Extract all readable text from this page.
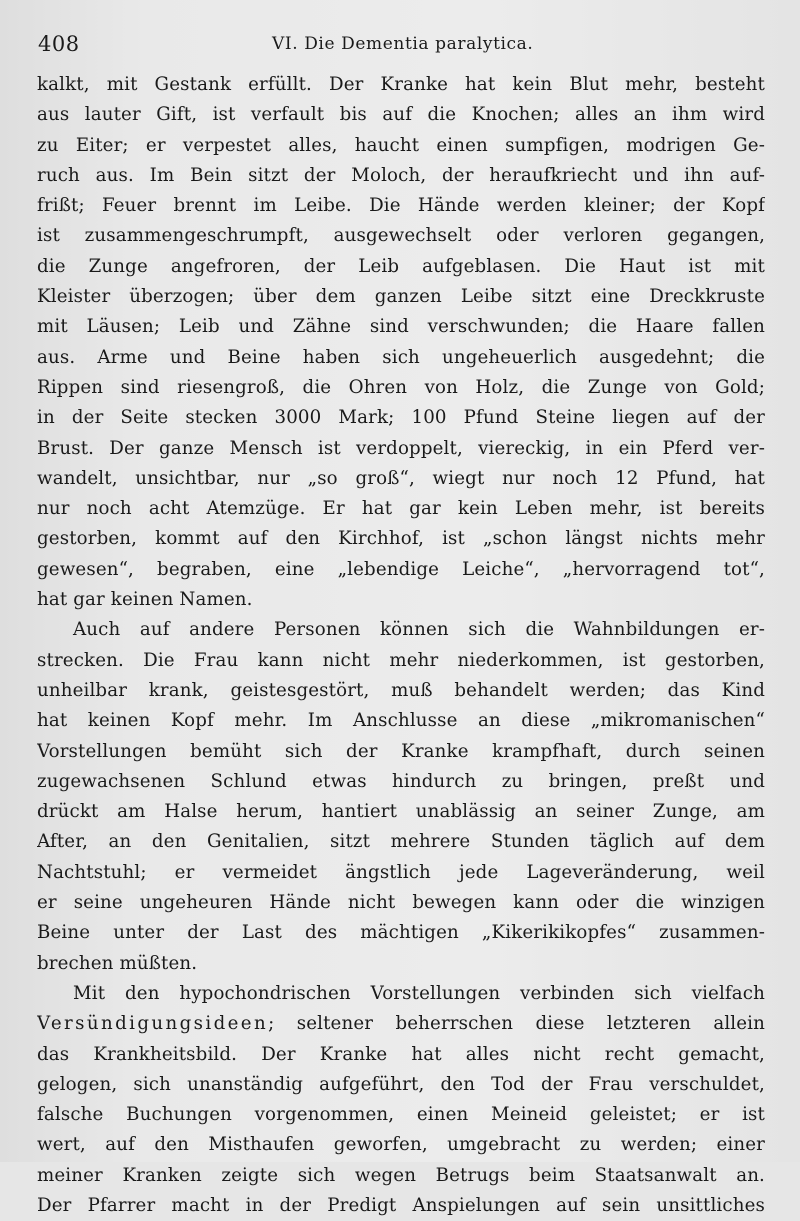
408	VI. Die Dementia paralytica.
kalkt, mit Gestank erfüllt. Der Kranke hat kein Blut mehr, besteht
aus lauter Gift, ist verfault bis auf die Knochen; alles an ihm wird
zu Eiter; er verpestet alles, haucht einen sumpfigen, modrigen Ge-
ruch aus. Im Bein sitzt der Moloch, der heraufkriecht und ihn auf-
frißt; Feuer brennt im Leibe. Die Hände werden kleiner; der Kopf
ist zusammengeschrumpft, ausgewechselt oder verloren gegangen,
die Zunge angefroren, der Leib aufgeblasen. Die Haut ist mit
Kleister überzogen; über dem ganzen Leibe sitzt eine Dreckkruste
mit Läusen; Leib und Zähne sind verschwunden; die Haare fallen
aus. Arme und Beine haben sich ungeheuerlich ausgedehnt; die
Rippen sind riesengroß, die Ohren von Holz, die Zunge von Gold;
in der Seite stecken 3000 Mark; 100 Pfund Steine liegen auf der
Brust. Der ganze Mensch ist verdoppelt, viereckig, in ein Pferd ver-
wandelt, unsichtbar, nur „so groß“, wiegt nur noch 12 Pfund, hat
nur noch acht Atemzüge. Er hat gar kein Leben mehr, ist bereits
gestorben, kommt auf den Kirchhof, ist „schon längst nichts mehr
gewesen“, begraben, eine „lebendige Leiche“, „hervorragend tot“,
hat gar keinen Namen.
Auch auf andere Personen können sich die Wahnbildungen er-
strecken. Die Frau kann nicht mehr niederkommen, ist gestorben,
unheilbar krank, geistesgestört, muß behandelt werden; das Kind
hat keinen Kopf mehr. Im Anschlusse an diese „mikromanischen“
Vorstellungen bemüht sich der Kranke krampfhaft, durch seinen
zugewachsenen Schlund etwas hindurch zu bringen, preßt und
drückt am Halse herum, hantiert unablässig an seiner Zunge, am
After, an den Genitalien, sitzt mehrere Stunden täglich auf dem
Nachtstuhl; er vermeidet ängstlich jede Lageveränderung, weil
er seine ungeheuren Hände nicht bewegen kann oder die winzigen
Beine unter der Last des mächtigen „Kikerikikopfes“ zusammen-
brechen müßten.
Mit den hypochondrischen Vorstellungen verbinden sich vielfach
Versündigungsideen; seltener beherrschen diese letzteren allein
das Krankheitsbild. Der Kranke hat alles nicht recht gemacht,
gelogen, sich unanständig aufgeführt, den Tod der Frau verschuldet,
falsche Buchungen vorgenommen, einen Meineid geleistet; er ist
wert, auf den Misthaufen geworfen, umgebracht zu werden; einer
meiner Kranken zeigte sich wegen Betrugs beim Staatsanwalt an.
Der Pfarrer macht in der Predigt Anspielungen auf sein unsittliches
